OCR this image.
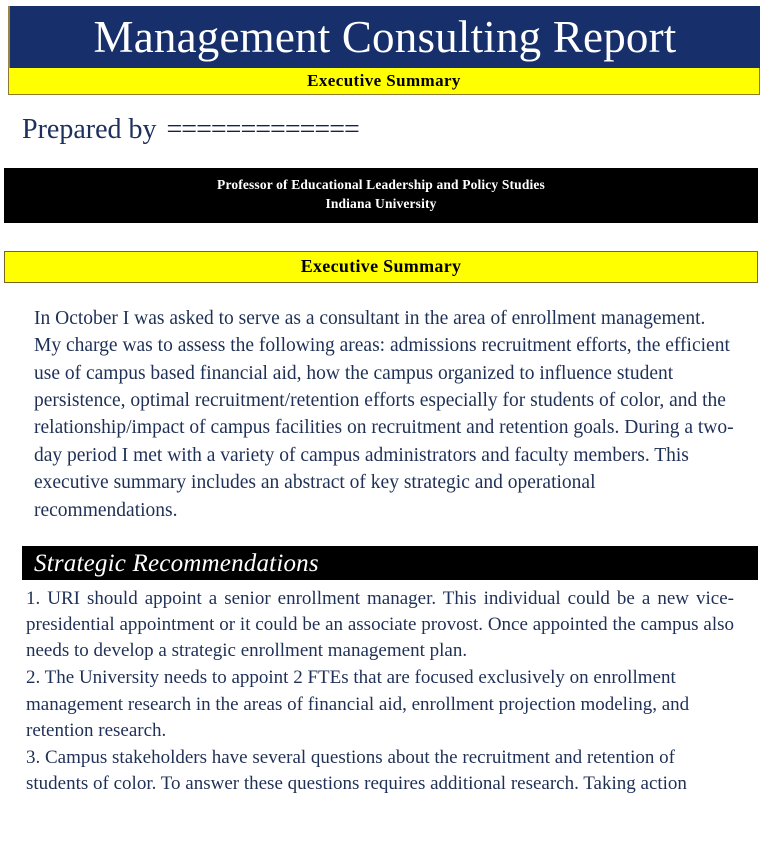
Management Consulting Report
Executive Summary
Prepared by =============
Professor of Educational Leadership and Policy Studies
Indiana University
Executive Summary
In October I was asked to serve as a consultant in the area of enrollment management. My charge was to assess the following areas: admissions recruitment efforts, the efficient use of campus based financial aid, how the campus organized to influence student persistence, optimal recruitment/retention efforts especially for students of color, and the relationship/impact of campus facilities on recruitment and retention goals. During a two-day period I met with a variety of campus administrators and faculty members. This executive summary includes an abstract of key strategic and operational recommendations.
Strategic Recommendations
1. URI should appoint a senior enrollment manager. This individual could be a new vice-presidential appointment or it could be an associate provost. Once appointed the campus also needs to develop a strategic enrollment management plan.
2. The University needs to appoint 2 FTEs that are focused exclusively on enrollment management research in the areas of financial aid, enrollment projection modeling, and retention research.
3. Campus stakeholders have several questions about the recruitment and retention of students of color. To answer these questions requires additional research. Taking action
